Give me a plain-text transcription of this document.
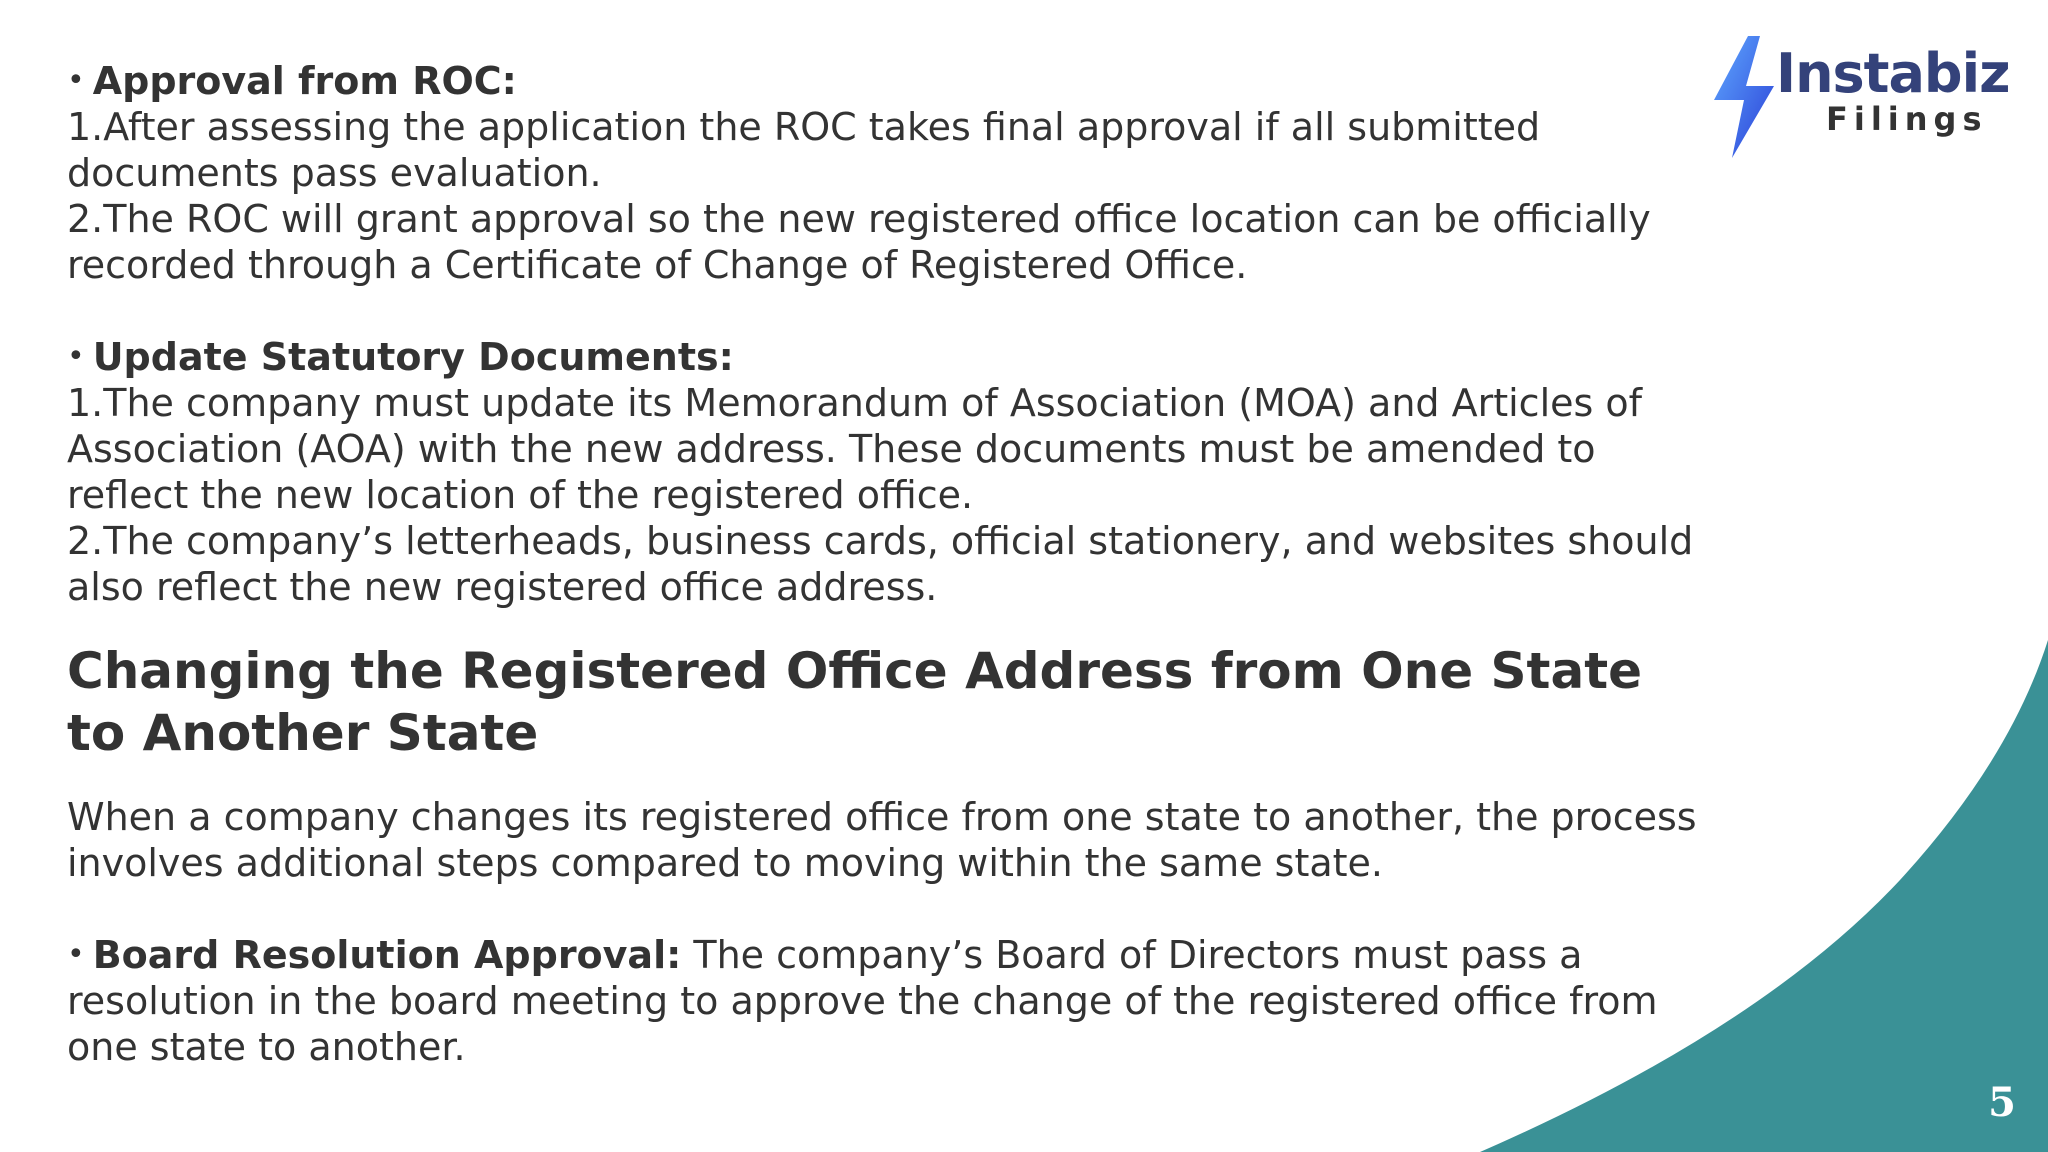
Instabiz
Filings

• Approval from ROC:

1.After assessing the application the ROC takes final approval if all submitted documents pass evaluation.

2.The ROC will grant approval so the new registered office location can be officially recorded through a Certificate of Change of Registered Office.

• Update Statutory Documents:

1.The company must update its Memorandum of Association (MOA) and Articles of Association (AOA) with the new address. These documents must be amended to reflect the new location of the registered office.

2.The company’s letterheads, business cards, official stationery, and websites should also reflect the new registered office address.

Changing the Registered Office Address from One State to Another State

When a company changes its registered office from one state to another, the process involves additional steps compared to moving within the same state.

• Board Resolution Approval: The company’s Board of Directors must pass a resolution in the board meeting to approve the change of the registered office from one state to another.

5
